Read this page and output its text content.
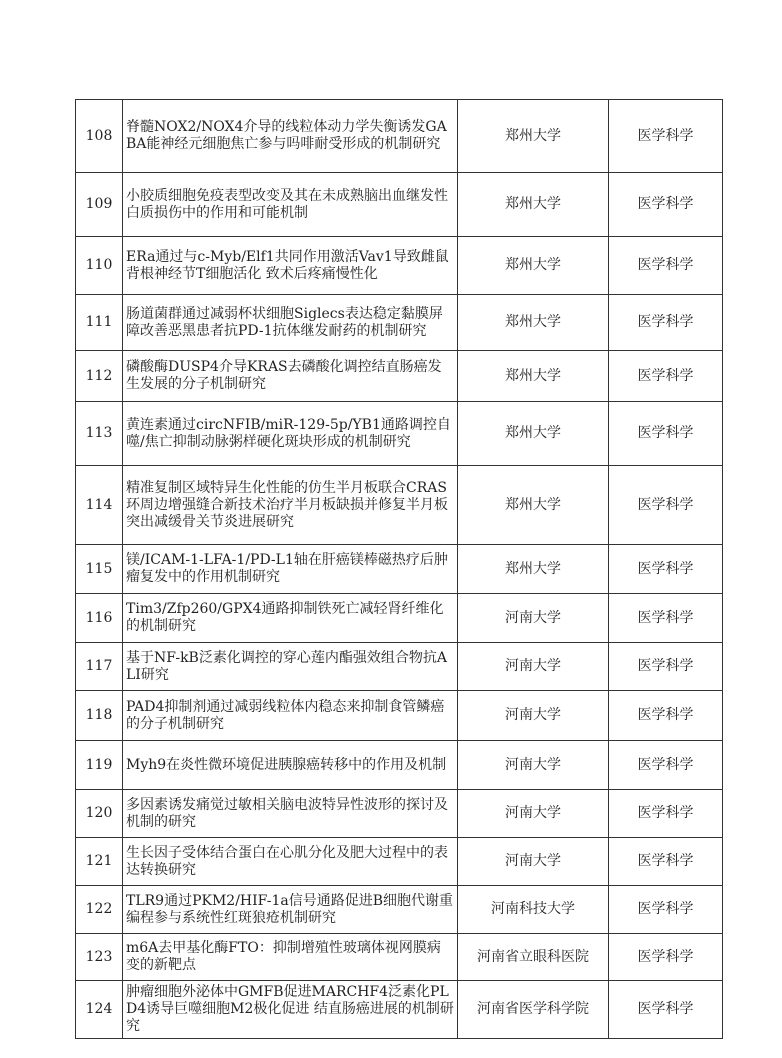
108	脊髓NOX2/NOX4介导的线粒体动力学失衡诱发GABA能神经元细胞焦亡参与吗啡耐受形成的机制研究	郑州大学	医学科学
109	小胶质细胞免疫表型改变及其在未成熟脑出血继发性白质损伤中的作用和可能机制	郑州大学	医学科学
110	ERa通过与c-Myb/Elf1共同作用激活Vav1导致雌鼠背根神经节T细胞活化 致术后疼痛慢性化	郑州大学	医学科学
111	肠道菌群通过减弱杯状细胞Siglecs表达稳定黏膜屏障改善恶黑患者抗PD-1抗体继发耐药的机制研究	郑州大学	医学科学
112	磷酸酶DUSP4介导KRAS去磷酸化调控结直肠癌发生发展的分子机制研究	郑州大学	医学科学
113	黄连素通过circNFIB/miR-129-5p/YB1通路调控自噬/焦亡抑制动脉粥样硬化斑块形成的机制研究	郑州大学	医学科学
114	精准复制区域特异生化性能的仿生半月板联合CRAS环周边增强缝合新技术治疗半月板缺损并修复半月板突出减缓骨关节炎进展研究	郑州大学	医学科学
115	镁/ICAM-1-LFA-1/PD-L1轴在肝癌镁棒磁热疗后肿瘤复发中的作用机制研究	郑州大学	医学科学
116	Tim3/Zfp260/GPX4通路抑制铁死亡减轻肾纤维化的机制研究	河南大学	医学科学
117	基于NF-kB泛素化调控的穿心莲内酯强效组合物抗ALI研究	河南大学	医学科学
118	PAD4抑制剂通过减弱线粒体内稳态来抑制食管鳞癌的分子机制研究	河南大学	医学科学
119	Myh9在炎性微环境促进胰腺癌转移中的作用及机制	河南大学	医学科学
120	多因素诱发痛觉过敏相关脑电波特异性波形的探讨及机制的研究	河南大学	医学科学
121	生长因子受体结合蛋白在心肌分化及肥大过程中的表达转换研究	河南大学	医学科学
122	TLR9通过PKM2/HIF-1a信号通路促进B细胞代谢重编程参与系统性红斑狼疮机制研究	河南科技大学	医学科学
123	m6A去甲基化酶FTO：抑制增殖性玻璃体视网膜病变的新靶点	河南省立眼科医院	医学科学
124	肿瘤细胞外泌体中GMFB促进MARCHF4泛素化PLD4诱导巨噬细胞M2极化促进 结直肠癌进展的机制研究	河南省医学科学院	医学科学
